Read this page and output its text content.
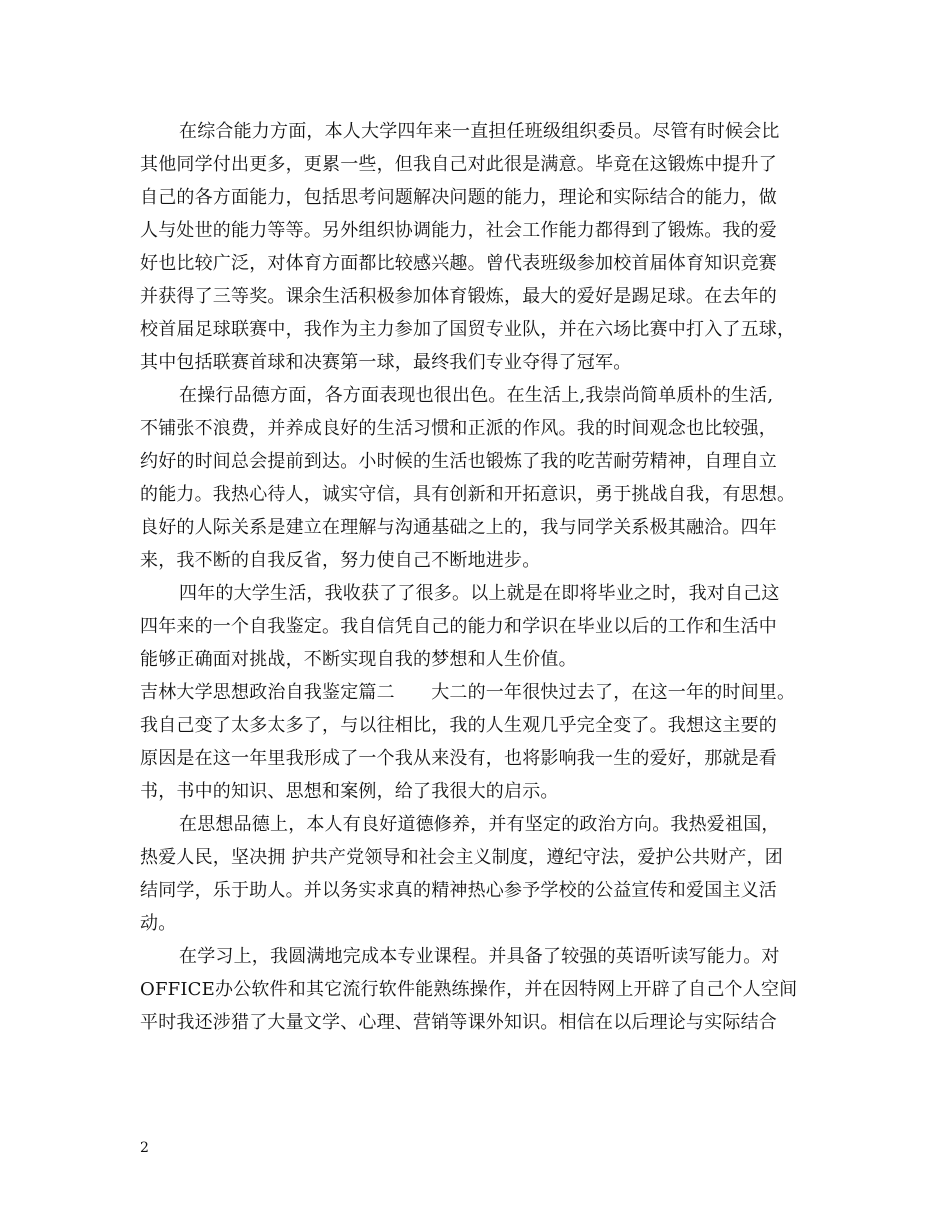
在综合能力方面，本人大学四年来一直担任班级组织委员。尽管有时候会比
其他同学付出更多，更累一些，但我自己对此很是满意。毕竟在这锻炼中提升了
自己的各方面能力，包括思考问题解决问题的能力，理论和实际结合的能力，做
人与处世的能力等等。另外组织协调能力，社会工作能力都得到了锻炼。我的爱
好也比较广泛，对体育方面都比较感兴趣。曾代表班级参加校首届体育知识竞赛
并获得了三等奖。课余生活积极参加体育锻炼，最大的爱好是踢足球。在去年的
校首届足球联赛中，我作为主力参加了国贸专业队，并在六场比赛中打入了五球，
其中包括联赛首球和决赛第一球，最终我们专业夺得了冠军。
在操行品德方面，各方面表现也很出色。在生活上,我崇尚简单质朴的生活,
不铺张不浪费，并养成良好的生活习惯和正派的作风。我的时间观念也比较强，
约好的时间总会提前到达。小时候的生活也锻炼了我的吃苦耐劳精神，自理自立
的能力。我热心待人，诚实守信，具有创新和开拓意识，勇于挑战自我，有思想。
良好的人际关系是建立在理解与沟通基础之上的，我与同学关系极其融洽。四年
来，我不断的自我反省，努力使自己不断地进步。
四年的大学生活，我收获了了很多。以上就是在即将毕业之时，我对自己这
四年来的一个自我鉴定。我自信凭自己的能力和学识在毕业以后的工作和生活中
能够正确面对挑战，不断实现自我的梦想和人生价值。
吉林大学思想政治自我鉴定篇二　　大二的一年很快过去了，在这一年的时间里。
我自己变了太多太多了，与以往相比，我的人生观几乎完全变了。我想这主要的
原因是在这一年里我形成了一个我从来没有，也将影响我一生的爱好，那就是看
书，书中的知识、思想和案例，给了我很大的启示。
在思想品德上，本人有良好道德修养，并有坚定的政治方向。我热爱祖国，
热爱人民，坚决拥 护共产党领导和社会主义制度，遵纪守法，爱护公共财产，团
结同学，乐于助人。并以务实求真的精神热心参予学校的公益宣传和爱国主义活
动。
在学习上，我圆满地完成本专业课程。并具备了较强的英语听读写能力。对
OFFICE办公软件和其它流行软件能熟练操作，并在因特网上开辟了自己个人空间
平时我还涉猎了大量文学、心理、营销等课外知识。相信在以后理论与实际结合
2
